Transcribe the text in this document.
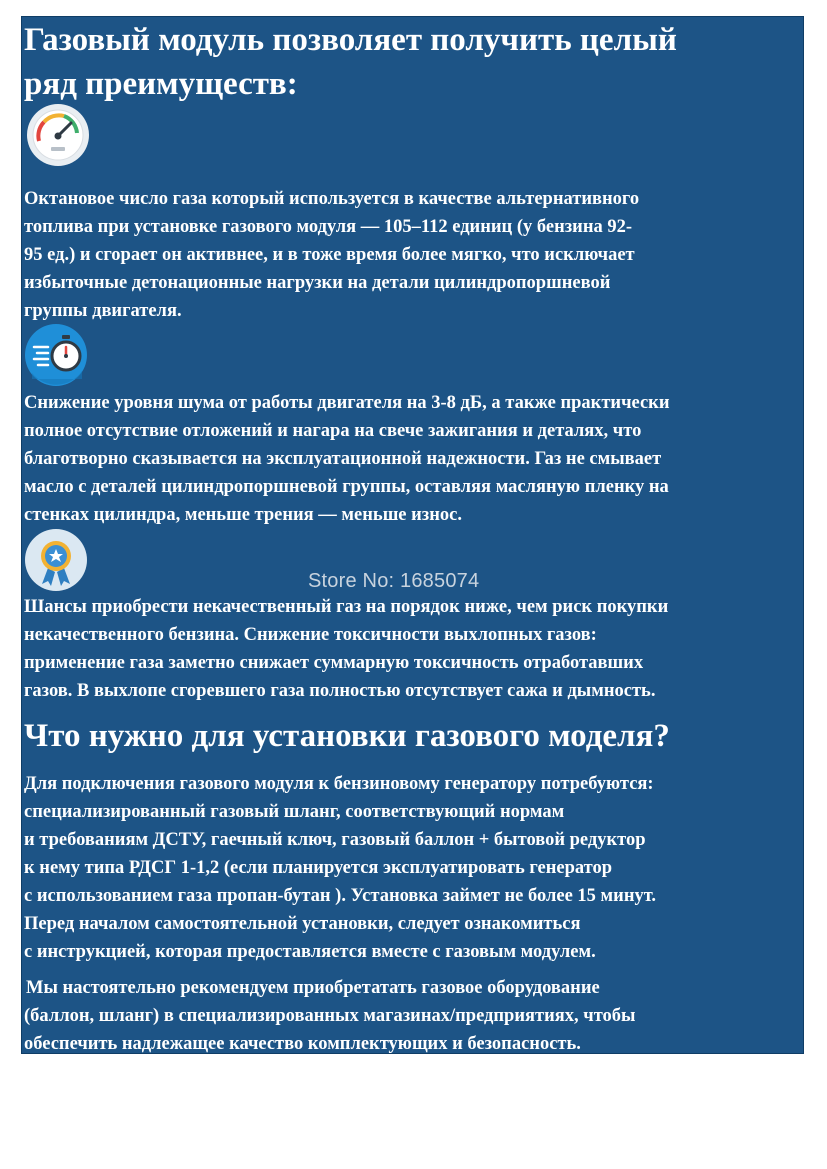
Газовый модуль позволяет получить целый
ряд преимуществ:
Октановое число газа который используется в качестве альтернативного
топлива при установке газового модуля — 105–112 единиц (у бензина 92-
95 ед.) и сгорает он активнее, и в тоже время более мягко, что исключает
избыточные детонационные нагрузки на детали цилиндропоршневой
группы двигателя.
Снижение уровня шума от работы двигателя на 3-8 дБ, а также практически
полное отсутствие отложений и нагара на свече зажигания и деталях, что
благотворно сказывается на эксплуатационной надежности. Газ не смывает
масло с деталей цилиндропоршневой группы, оставляя масляную пленку на
стенках цилиндра, меньше трения — меньше износ.
Store No: 1685074
Шансы приобрести некачественный газ на порядок ниже, чем риск покупки
некачественного бензина. Снижение токсичности выхлопных газов:
применение газа заметно снижает суммарную токсичность отработавших
газов. В выхлопе сгоревшего газа полностью отсутствует сажа и дымность.
Что нужно для установки газового моделя?
Для подключения газового модуля к бензиновому генератору потребуются:
специализированный газовый шланг, соответствующий нормам
и требованиям ДСТУ, гаечный ключ, газовый баллон + бытовой редуктор
к нему типа РДСГ 1-1,2 (если планируется эксплуатировать генератор
с использованием газа пропан-бутан ). Установка займет не более 15 минут.
Перед началом самостоятельной установки, следует ознакомиться
с инструкцией, которая предоставляется вместе с газовым модулем.
Мы настоятельно рекомендуем приобретатать газовое оборудование
(баллон, шланг) в специализированных магазинах/предприятиях, чтобы
обеспечить надлежащее качество комплектующих и безопасность.
